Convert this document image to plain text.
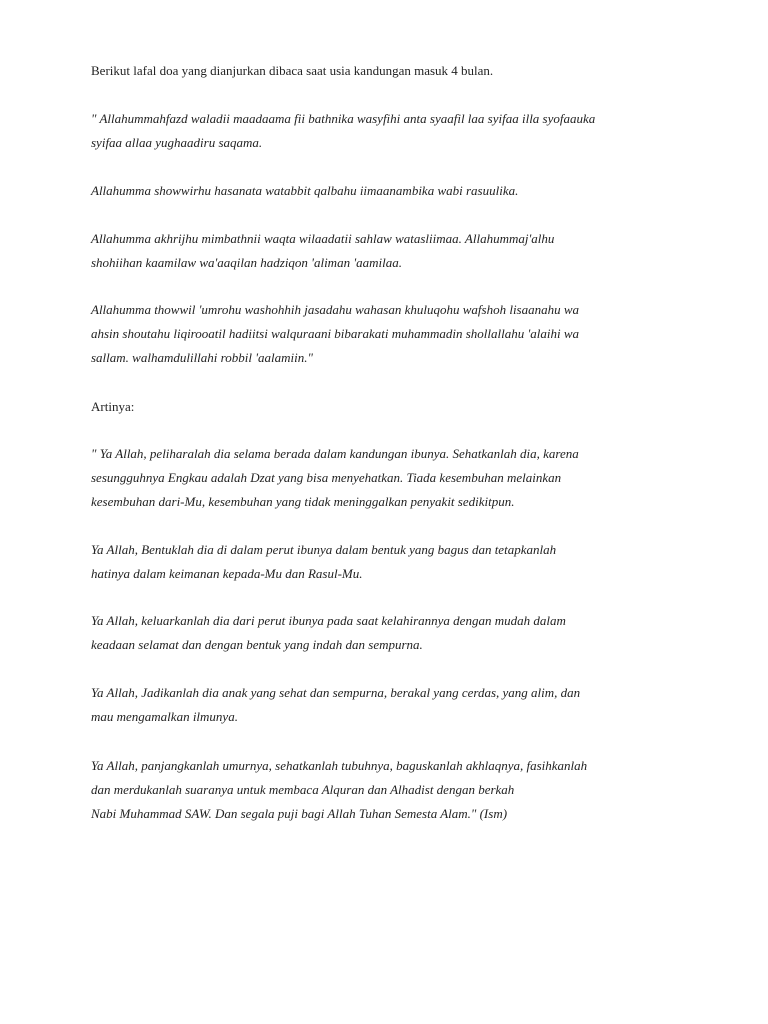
Berikut lafal doa yang dianjurkan dibaca saat usia kandungan masuk 4 bulan.

" Allahummahfazd waladii maadaama fii bathnika wasyfihi anta syaafil laa syifaa illa syofaauka
syifaa allaa yughaadiru saqama.

Allahumma showwirhu hasanata watabbit qalbahu iimaanambika wabi rasuulika.

Allahumma akhrijhu mimbathnii waqta wilaadatii sahlaw watasliimaa. Allahummaj'alhu
shohiihan kaamilaw wa'aaqilan hadziqon 'aliman 'aamilaa.

Allahumma thowwil 'umrohu washohhih jasadahu wahasan khuluqohu wafshoh lisaanahu wa
ahsin shoutahu liqirooatil hadiitsi walquraani bibarakati muhammadin shollallahu 'alaihi wa
sallam. walhamdulillahi robbil 'aalamiin."

Artinya:

" Ya Allah, peliharalah dia selama berada dalam kandungan ibunya. Sehatkanlah dia, karena
sesungguhnya Engkau adalah Dzat yang bisa menyehatkan. Tiada kesembuhan melainkan
kesembuhan dari-Mu, kesembuhan yang tidak meninggalkan penyakit sedikitpun.

Ya Allah, Bentuklah dia di dalam perut ibunya dalam bentuk yang bagus dan tetapkanlah
hatinya dalam keimanan kepada-Mu dan Rasul-Mu.

Ya Allah, keluarkanlah dia dari perut ibunya pada saat kelahirannya dengan mudah dalam
keadaan selamat dan dengan bentuk yang indah dan sempurna.

Ya Allah, Jadikanlah dia anak yang sehat dan sempurna, berakal yang cerdas, yang alim, dan
mau mengamalkan ilmunya.

Ya Allah, panjangkanlah umurnya, sehatkanlah tubuhnya, baguskanlah akhlaqnya, fasihkanlah
dan merdukanlah suaranya untuk membaca Alquran dan Alhadist dengan berkah
Nabi Muhammad SAW. Dan segala puji bagi Allah Tuhan Semesta Alam." (Ism)
